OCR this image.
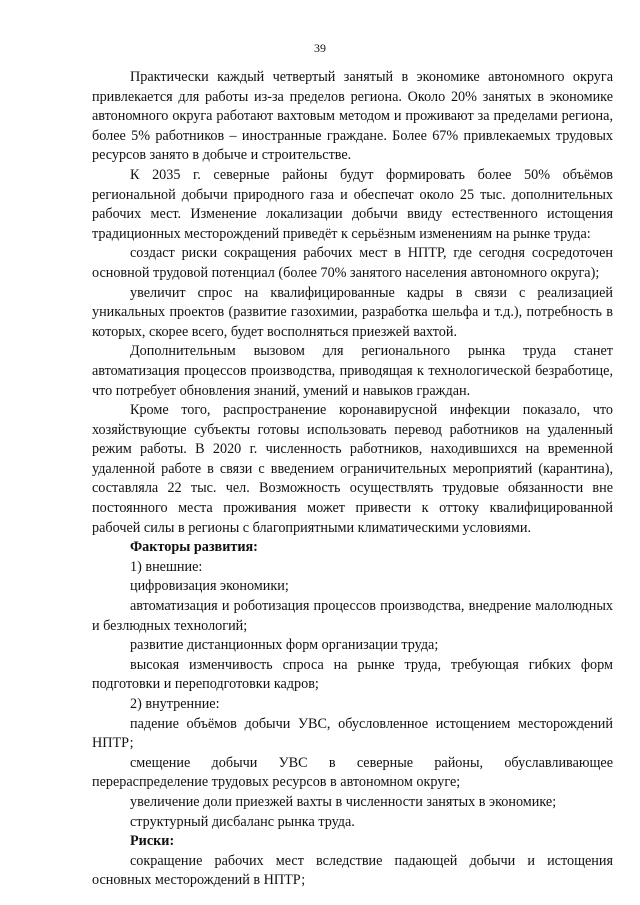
39

Практически каждый четвертый занятый в экономике автономного округа привлекается для работы из-за пределов региона. Около 20% занятых в экономике автономного округа работают вахтовым методом и проживают за пределами региона, более 5% работников – иностранные граждане. Более 67% привлекаемых трудовых ресурсов занято в добыче и строительстве.

К 2035 г. северные районы будут формировать более 50% объёмов региональной добычи природного газа и обеспечат около 25 тыс. дополнительных рабочих мест. Изменение локализации добычи ввиду естественного истощения традиционных месторождений приведёт к серьёзным изменениям на рынке труда:

создаст риски сокращения рабочих мест в НПТР, где сегодня сосредоточен основной трудовой потенциал (более 70% занятого населения автономного округа);

увеличит спрос на квалифицированные кадры в связи с реализацией уникальных проектов (развитие газохимии, разработка шельфа и т.д.), потребность в которых, скорее всего, будет восполняться приезжей вахтой.

Дополнительным вызовом для регионального рынка труда станет автоматизация процессов производства, приводящая к технологической безработице, что потребует обновления знаний, умений и навыков граждан.

Кроме того, распространение коронавирусной инфекции показало, что хозяйствующие субъекты готовы использовать перевод работников на удаленный режим работы. В 2020 г. численность работников, находившихся на временной удаленной работе в связи с введением ограничительных мероприятий (карантина), составляла 22 тыс. чел. Возможность осуществлять трудовые обязанности вне постоянного места проживания может привести к оттоку квалифицированной рабочей силы в регионы с благоприятными климатическими условиями.

Факторы развития:

1) внешние:

цифровизация экономики;

автоматизация и роботизация процессов производства, внедрение малолюдных и безлюдных технологий;

развитие дистанционных форм организации труда;

высокая изменчивость спроса на рынке труда, требующая гибких форм подготовки и переподготовки кадров;

2) внутренние:

падение объёмов добычи УВС, обусловленное истощением месторождений НПТР;

смещение добычи УВС в северные районы, обуславливающее перераспределение трудовых ресурсов в автономном округе;

увеличение доли приезжей вахты в численности занятых в экономике;

структурный дисбаланс рынка труда.

Риски:

сокращение рабочих мест вследствие падающей добычи и истощения основных месторождений в НПТР;
